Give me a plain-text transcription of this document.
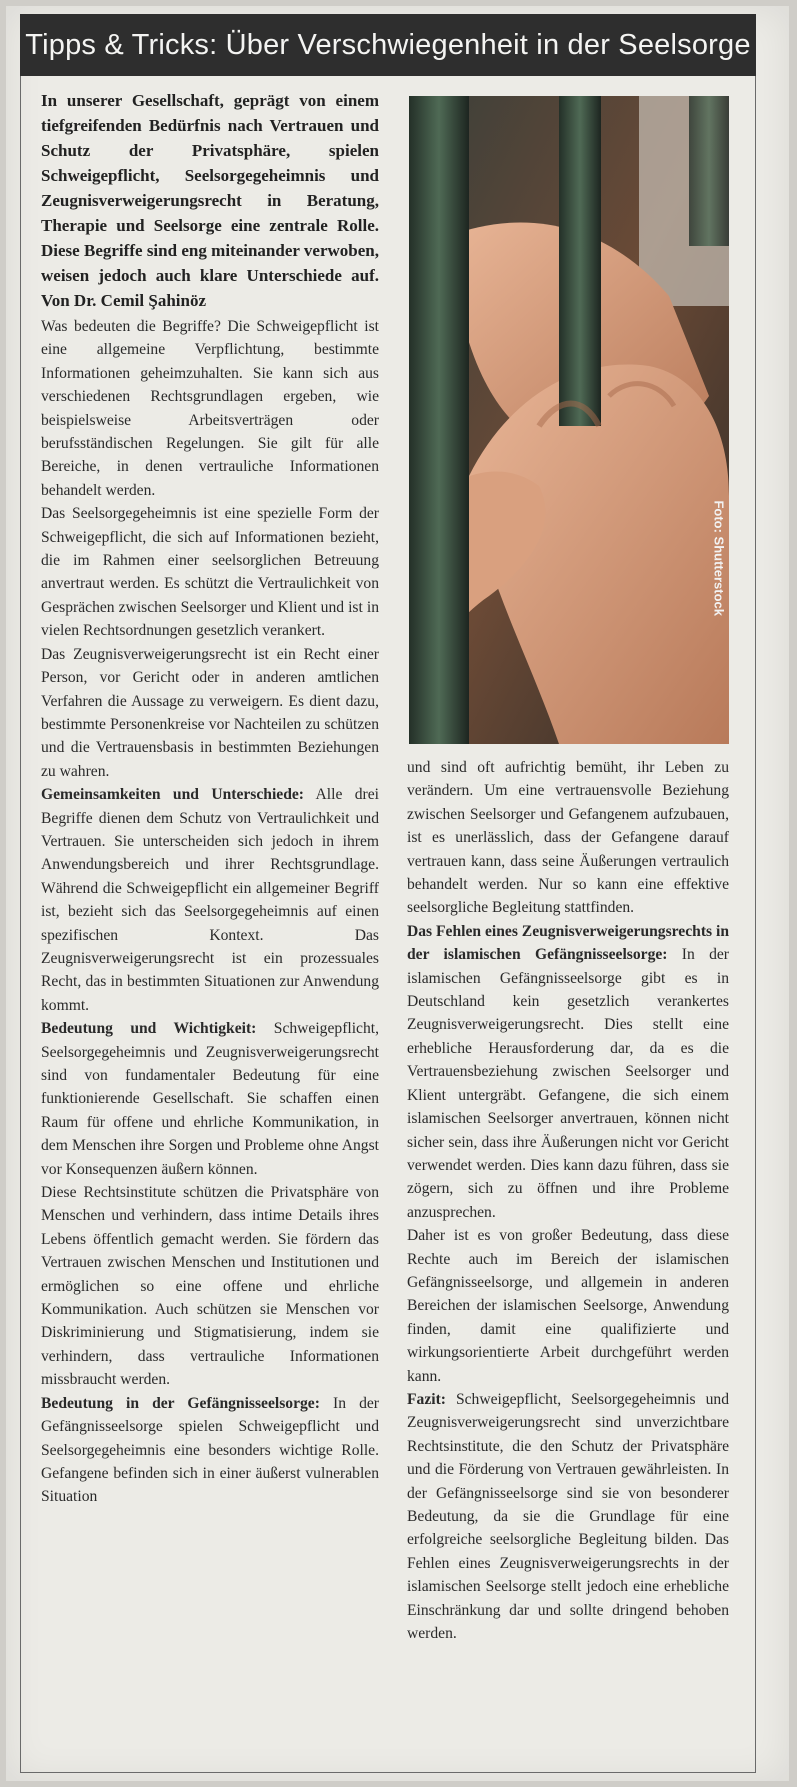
Tipps & Tricks: Über Verschwiegenheit in der Seelsorge

In unserer Gesellschaft, geprägt von einem tiefgreifenden Bedürfnis nach Vertrauen und Schutz der Privatsphäre, spielen Schweigepflicht, Seelsorgegeheimnis und Zeugnisverweigerungsrecht in Beratung, Therapie und Seelsorge eine zentrale Rolle. Diese Begriffe sind eng miteinander verwoben, weisen jedoch auch klare Unterschiede auf. Von Dr. Cemil Şahinöz

Was bedeuten die Begriffe? Die Schweigepflicht ist eine allgemeine Verpflichtung, bestimmte Informationen geheimzuhalten. Sie kann sich aus verschiedenen Rechtsgrundlagen ergeben, wie beispielsweise Arbeitsverträgen oder berufsständischen Regelungen. Sie gilt für alle Bereiche, in denen vertrauliche Informationen behandelt werden.

Das Seelsorgegeheimnis ist eine spezielle Form der Schweigepflicht, die sich auf Informationen bezieht, die im Rahmen einer seelsorglichen Betreuung anvertraut werden. Es schützt die Vertraulichkeit von Gesprächen zwischen Seelsorger und Klient und ist in vielen Rechtsordnungen gesetzlich verankert.

Das Zeugnisverweigerungsrecht ist ein Recht einer Person, vor Gericht oder in anderen amtlichen Verfahren die Aussage zu verweigern. Es dient dazu, bestimmte Personenkreise vor Nachteilen zu schützen und die Vertrauensbasis in bestimmten Beziehungen zu wahren.

Gemeinsamkeiten und Unterschiede: Alle drei Begriffe dienen dem Schutz von Vertraulichkeit und Vertrauen. Sie unterscheiden sich jedoch in ihrem Anwendungsbereich und ihrer Rechtsgrundlage. Während die Schweigepflicht ein allgemeiner Begriff ist, bezieht sich das Seelsorgegeheimnis auf einen spezifischen Kontext. Das Zeugnisverweigerungsrecht ist ein prozessuales Recht, das in bestimmten Situationen zur Anwendung kommt.

Bedeutung und Wichtigkeit: Schweigepflicht, Seelsorgegeheimnis und Zeugnisverweigerungsrecht sind von fundamentaler Bedeutung für eine funktionierende Gesellschaft. Sie schaffen einen Raum für offene und ehrliche Kommunikation, in dem Menschen ihre Sorgen und Probleme ohne Angst vor Konsequenzen äußern können.

Diese Rechtsinstitute schützen die Privatsphäre von Menschen und verhindern, dass intime Details ihres Lebens öffentlich gemacht werden. Sie fördern das Vertrauen zwischen Menschen und Institutionen und ermöglichen so eine offene und ehrliche Kommunikation. Auch schützen sie Menschen vor Diskriminierung und Stigmatisierung, indem sie verhindern, dass vertrauliche Informationen missbraucht werden.

Bedeutung in der Gefängnisseelsorge: In der Gefängnisseelsorge spielen Schweigepflicht und Seelsorgegeheimnis eine besonders wichtige Rolle. Gefangene befinden sich in einer äußerst vulnerablen Situation

Foto: Shutterstock

und sind oft aufrichtig bemüht, ihr Leben zu verändern. Um eine vertrauensvolle Beziehung zwischen Seelsorger und Gefangenem aufzubauen, ist es unerlässlich, dass der Gefangene darauf vertrauen kann, dass seine Äußerungen vertraulich behandelt werden. Nur so kann eine effektive seelsorgliche Begleitung stattfinden.

Das Fehlen eines Zeugnisverweigerungsrechts in der islamischen Gefängnisseelsorge: In der islamischen Gefängnisseelsorge gibt es in Deutschland kein gesetzlich verankertes Zeugnisverweigerungsrecht. Dies stellt eine erhebliche Herausforderung dar, da es die Vertrauensbeziehung zwischen Seelsorger und Klient untergräbt. Gefangene, die sich einem islamischen Seelsorger anvertrauen, können nicht sicher sein, dass ihre Äußerungen nicht vor Gericht verwendet werden. Dies kann dazu führen, dass sie zögern, sich zu öffnen und ihre Probleme anzusprechen.

Daher ist es von großer Bedeutung, dass diese Rechte auch im Bereich der islamischen Gefängnisseelsorge, und allgemein in anderen Bereichen der islamischen Seelsorge, Anwendung finden, damit eine qualifizierte und wirkungsorientierte Arbeit durchgeführt werden kann.

Fazit: Schweigepflicht, Seelsorgegeheimnis und Zeugnisverweigerungsrecht sind unverzichtbare Rechtsinstitute, die den Schutz der Privatsphäre und die Förderung von Vertrauen gewährleisten. In der Gefängnisseelsorge sind sie von besonderer Bedeutung, da sie die Grundlage für eine erfolgreiche seelsorgliche Begleitung bilden. Das Fehlen eines Zeugnisverweigerungsrechts in der islamischen Seelsorge stellt jedoch eine erhebliche Einschränkung dar und sollte dringend behoben werden.
